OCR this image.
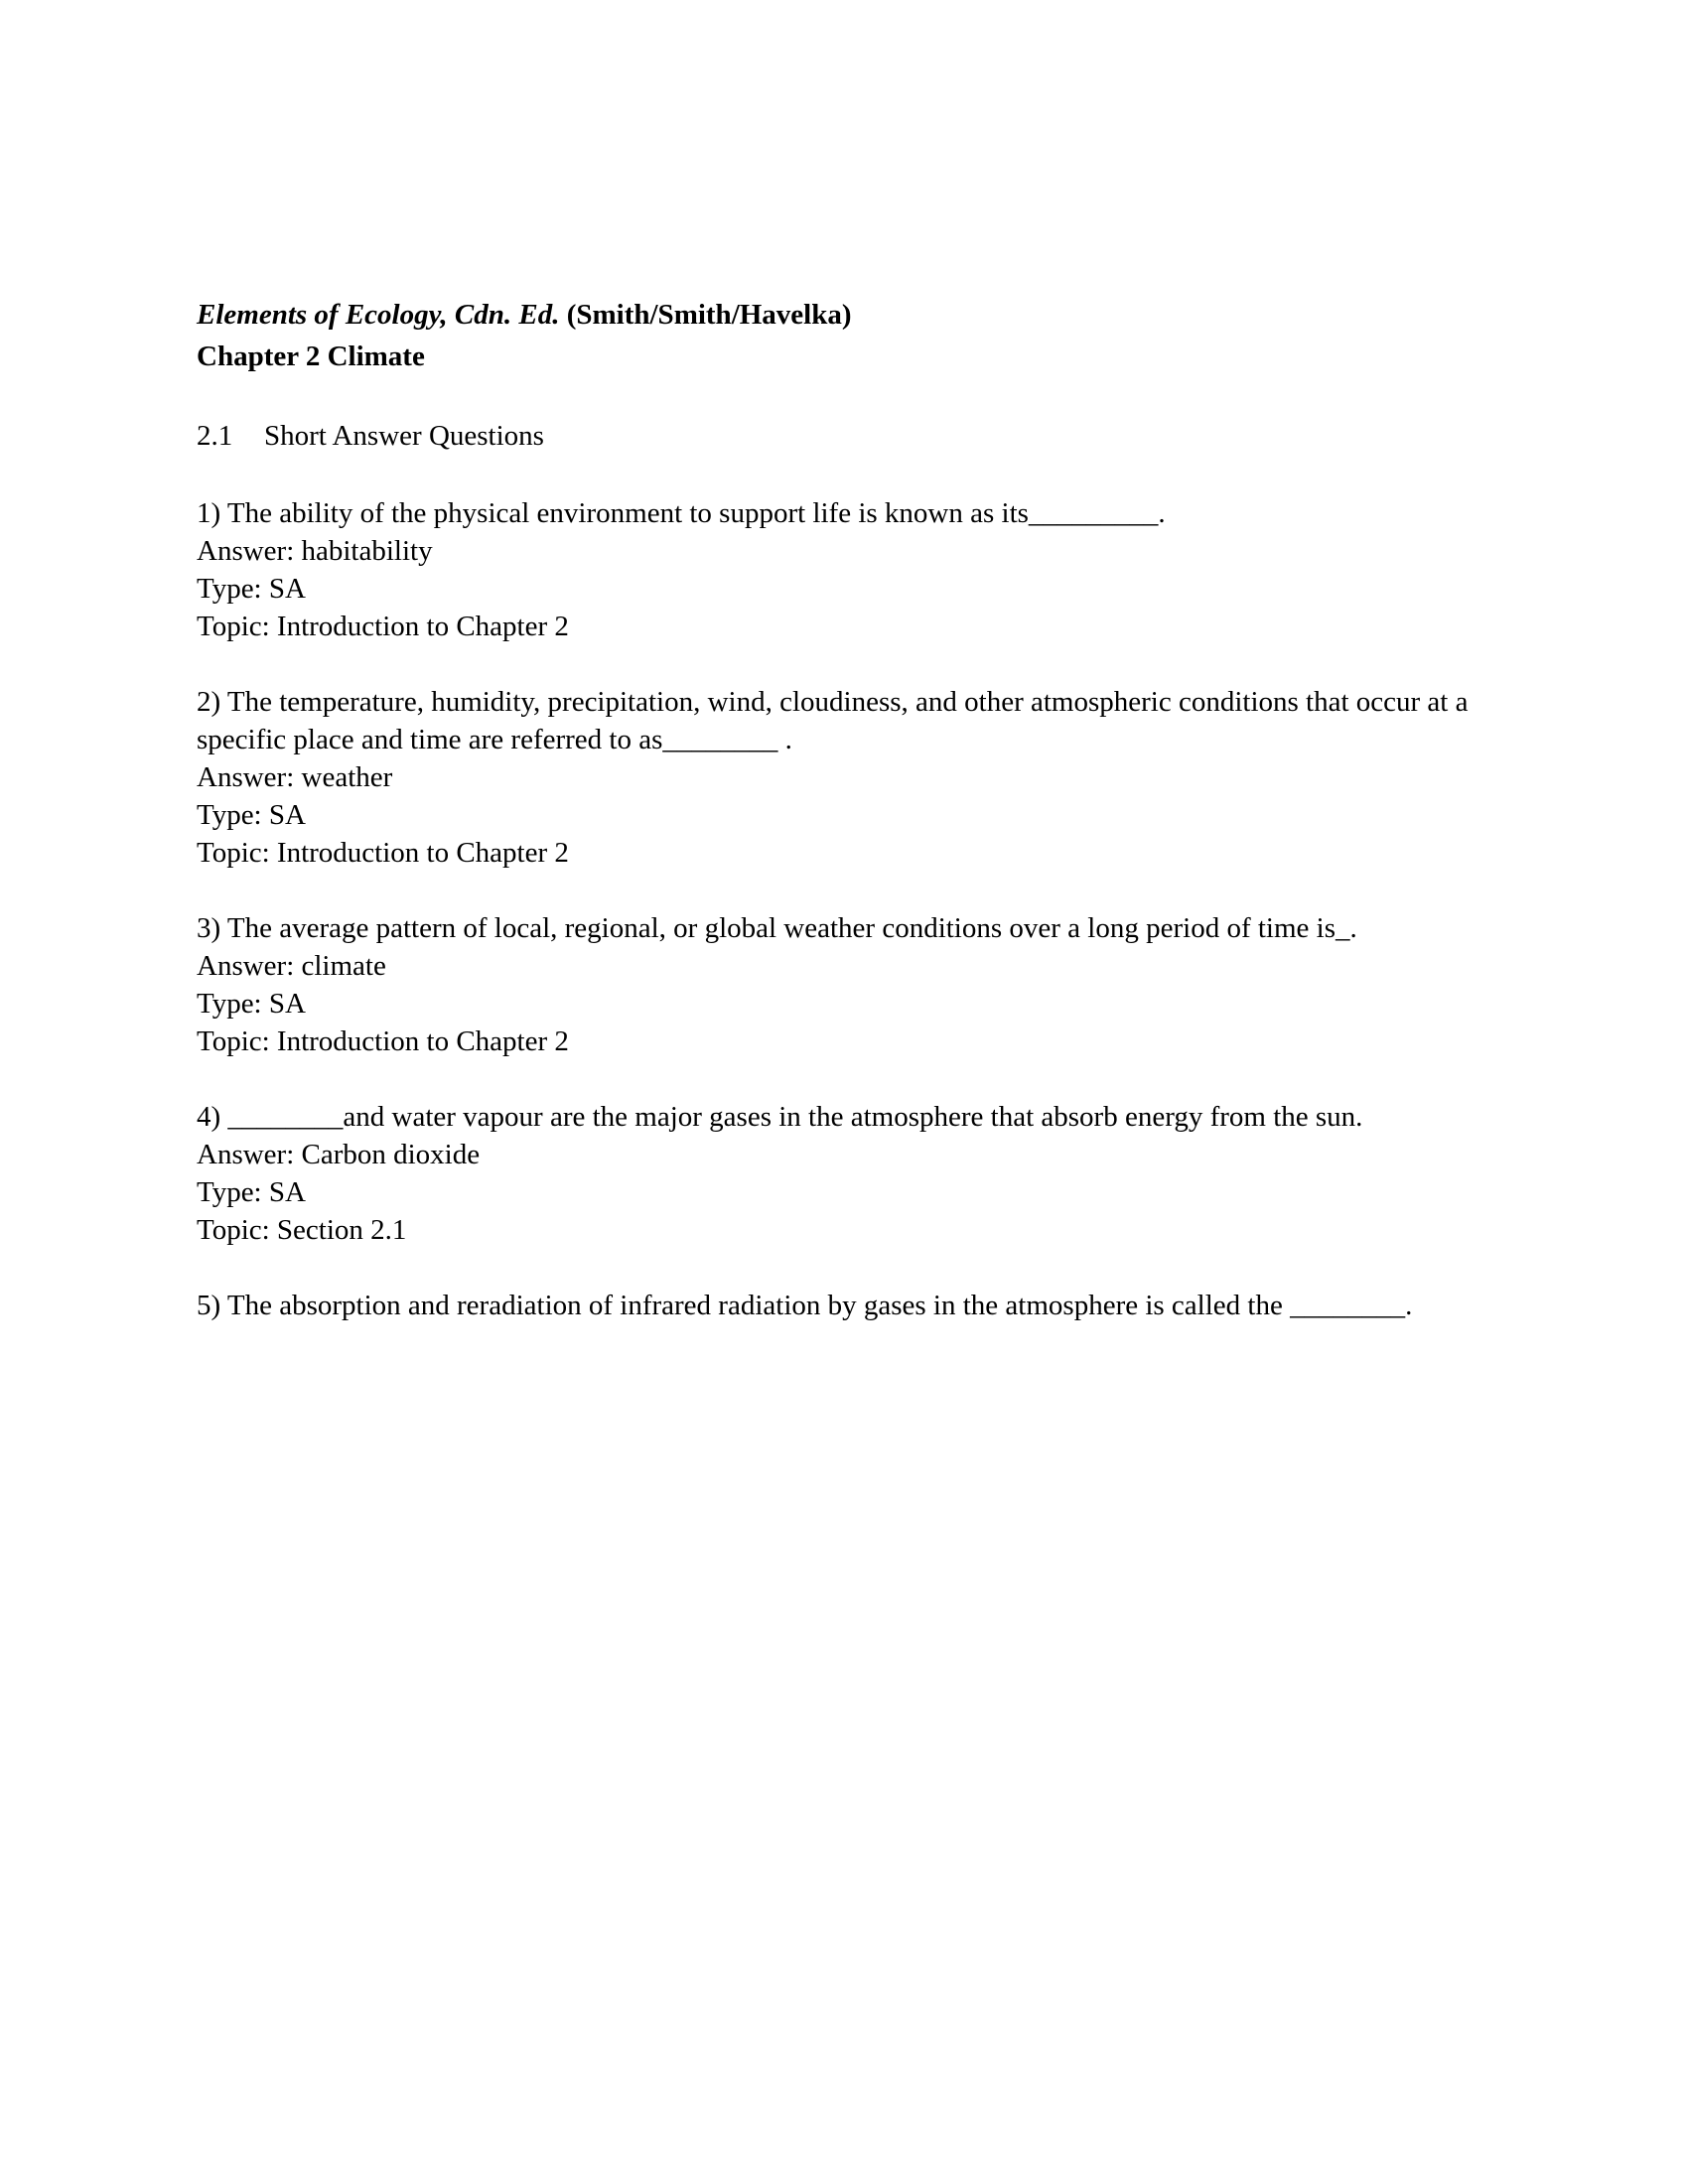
Elements of Ecology, Cdn. Ed. (Smith/Smith/Havelka)
Chapter 2 Climate
2.1 Short Answer Questions
1) The ability of the physical environment to support life is known as its_________.
Answer: habitability
Type: SA
Topic: Introduction to Chapter 2
2) The temperature, humidity, precipitation, wind, cloudiness, and other atmospheric conditions that occur at a specific place and time are referred to as________ .
Answer: weather
Type: SA
Topic: Introduction to Chapter 2
3) The average pattern of local, regional, or global weather conditions over a long period of time is_.
Answer: climate
Type: SA
Topic: Introduction to Chapter 2
4) ________and water vapour are the major gases in the atmosphere that absorb energy from the sun.
Answer: Carbon dioxide
Type: SA
Topic: Section 2.1
5) The absorption and reradiation of infrared radiation by gases in the atmosphere is called the ________.
